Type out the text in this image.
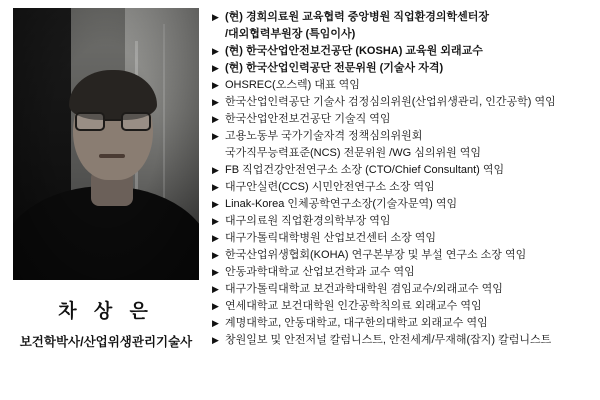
차 상 은
보건학박사/산업위생관리기술사
▶ (현) 경희의료원 교육협력 중앙병원 직업환경의학센터장
/대외협력부원장 (특임이사)
▶ (현) 한국산업안전보건공단 (KOSHA) 교육원 외래교수
▶ (현) 한국산업인력공단 전문위원 (기술사 자격)
▶ OHSREC(오스렉) 대표 역임
▶ 한국산업인력공단 기술사 검정심의위원(산업위생관리, 인간공학) 역임
▶ 한국산업안전보건공단 기술직 역임
▶ 고용노동부 국가기술자격 정책심의위원회
국가직무능력표준(NCS) 전문위원 /WG 심의위원 역임
▶ FB 직업건강안전연구소 소장 (CTO/Chief Consultant) 역임
▶ 대구안실련(CCS) 시민안전연구소 소장 역임
▶ Linak-Korea 인체공학연구소장(기술자문역) 역임
▶ 대구의료원 직업환경의학부장 역임
▶ 대구가톨릭대학병원 산업보건센터 소장 역임
▶ 한국산업위생협회(KOHA) 연구본부장 및 부설 연구소 소장 역임
▶ 안동과학대학교 산업보건학과 교수 역임
▶ 대구가톨릭대학교 보건과학대학원 겸임교수/외래교수 역임
▶ 연세대학교 보건대학원 인간공학칙의료 외래교수 역임
▶ 계명대학교, 안동대학교, 대구한의대학교 외래교수 역임
▶ 창원일보 및 안전저널 칼럼니스트, 안전세계/무재해(잡지) 칼럼니스트
